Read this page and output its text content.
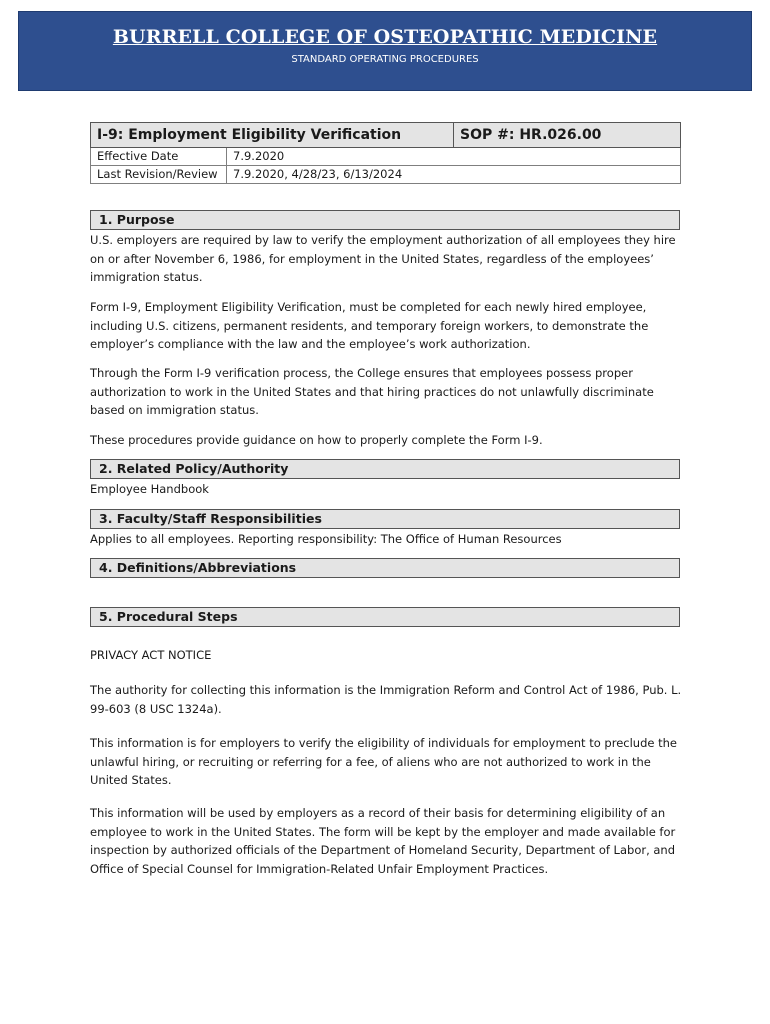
BURRELL COLLEGE OF OSTEOPATHIC MEDICINE
STANDARD OPERATING PROCEDURES
I-9: Employment Eligibility Verification		SOP #: HR.026.00
Effective Date	7.9.2020	
Last Revision/Review	7.9.2020, 4/28/23, 6/13/2024	
1. Purpose

U.S. employers are required by law to verify the employment authorization of all employees they hire on or after November 6, 1986, for employment in the United States, regardless of the employees’ immigration status.

Form I-9, Employment Eligibility Verification, must be completed for each newly hired employee, including U.S. citizens, permanent residents, and temporary foreign workers, to demonstrate the employer’s compliance with the law and the employee’s work authorization.

Through the Form I-9 verification process, the College ensures that employees possess proper authorization to work in the United States and that hiring practices do not unlawfully discriminate based on immigration status.

These procedures provide guidance on how to properly complete the Form I-9.

2. Related Policy/Authority

Employee Handbook

3. Faculty/Staff Responsibilities

Applies to all employees. Reporting responsibility: The Office of Human Resources

4. Definitions/Abbreviations
5. Procedural Steps

PRIVACY ACT NOTICE

The authority for collecting this information is the Immigration Reform and Control Act of 1986, Pub. L. 99-603 (8 USC 1324a).

This information is for employers to verify the eligibility of individuals for employment to preclude the unlawful hiring, or recruiting or referring for a fee, of aliens who are not authorized to work in the United States.

This information will be used by employers as a record of their basis for determining eligibility of an employee to work in the United States. The form will be kept by the employer and made available for inspection by authorized officials of the Department of Homeland Security, Department of Labor, and Office of Special Counsel for Immigration-Related Unfair Employment Practices.
